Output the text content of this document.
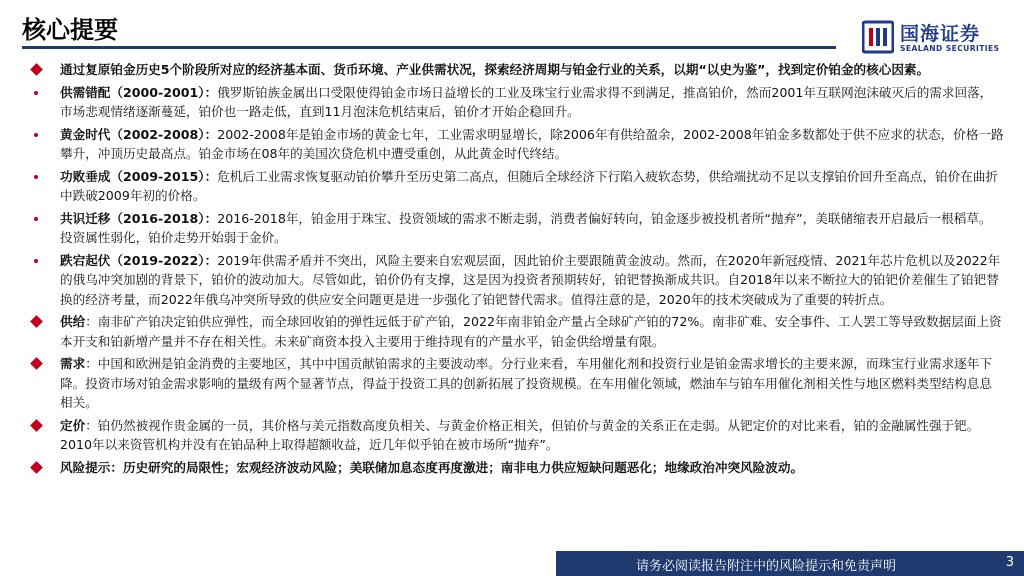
核心提要	国海证券
SEALAND SECURITIES
通过复原铂金历史5个阶段所对应的经济基本面、货币环境、产业供需状况，探索经济周期与铂金行业的关系，以期“以史为鉴”，找到定价铂金的核心因素。
供需错配（2000-2001）：俄罗斯铂族金属出口受限使得铂金市场日益增长的工业及珠宝行业需求得不到满足，推高铂价，然而2001年互联网泡沫破灭后的需求回落，市场悲观情绪逐渐蔓延，铂价也一路走低，直到11月泡沫危机结束后，铂价才开始企稳回升。
黄金时代（2002-2008）：2002-2008年是铂金市场的黄金七年，工业需求明显增长，除2006年有供给盈余，2002-2008年铂金多数都处于供不应求的状态，价格一路攀升，冲顶历史最高点。铂金市场在08年的美国次贷危机中遭受重创，从此黄金时代终结。
功败垂成（2009-2015）：危机后工业需求恢复驱动铂价攀升至历史第二高点，但随后全球经济下行陷入疲软态势，供给端扰动不足以支撑铂价回升至高点，铂价在曲折中跌破2009年初的价格。
共识迁移（2016-2018）：2016-2018年，铂金用于珠宝、投资领域的需求不断走弱，消费者偏好转向，铂金逐步被投机者所“抛弃”，美联储缩表开启最后一根稻草。投资属性弱化，铂价走势开始弱于金价。
跌宕起伏（2019-2022）：2019年供需矛盾并不突出，风险主要来自宏观层面，因此铂价主要跟随黄金波动。然而，在2020年新冠疫情、2021年芯片危机以及2022年的俄乌冲突加剧的背景下，铂价的波动加大。尽管如此，铂价仍有支撑，这是因为投资者预期转好，铂钯替换渐成共识。自2018年以来不断拉大的铂钯价差催生了铂钯替换的经济考量，而2022年俄乌冲突所导致的供应安全问题更是进一步强化了铂钯替代需求。值得注意的是，2020年的技术突破成为了重要的转折点。
供给：南非矿产铂决定铂供应弹性，而全球回收铂的弹性远低于矿产铂，2022年南非铂金产量占全球矿产铂的72%。南非矿难、安全事件、工人罢工等导致数据层面上资本开支和铂新增产量并不存在相关性。未来矿商资本投入主要用于维持现有的产量水平，铂金供给增量有限。
需求：中国和欧洲是铂金消费的主要地区，其中中国贡献铂需求的主要波动率。分行业来看，车用催化剂和投资行业是铂金需求增长的主要来源，而珠宝行业需求逐年下降。投资市场对铂金需求影响的量级有两个显著节点，得益于投资工具的创新拓展了投资规模。在车用催化领域，燃油车与铂车用催化剂相关性与地区燃料类型结构息息相关。
定价：铂仍然被视作贵金属的一员，其价格与美元指数高度负相关、与黄金价格正相关，但铂价与黄金的关系正在走弱。从钯定价的对比来看，铂的金融属性强于钯。2010年以来资管机构并没有在铂品种上取得超额收益，近几年似乎铂在被市场所“抛弃”。
风险提示：历史研究的局限性；宏观经济波动风险；美联储加息态度再度激进；南非电力供应短缺问题恶化；地缘政治冲突风险波动。
请务必阅读报告附注中的风险提示和免责声明	3
